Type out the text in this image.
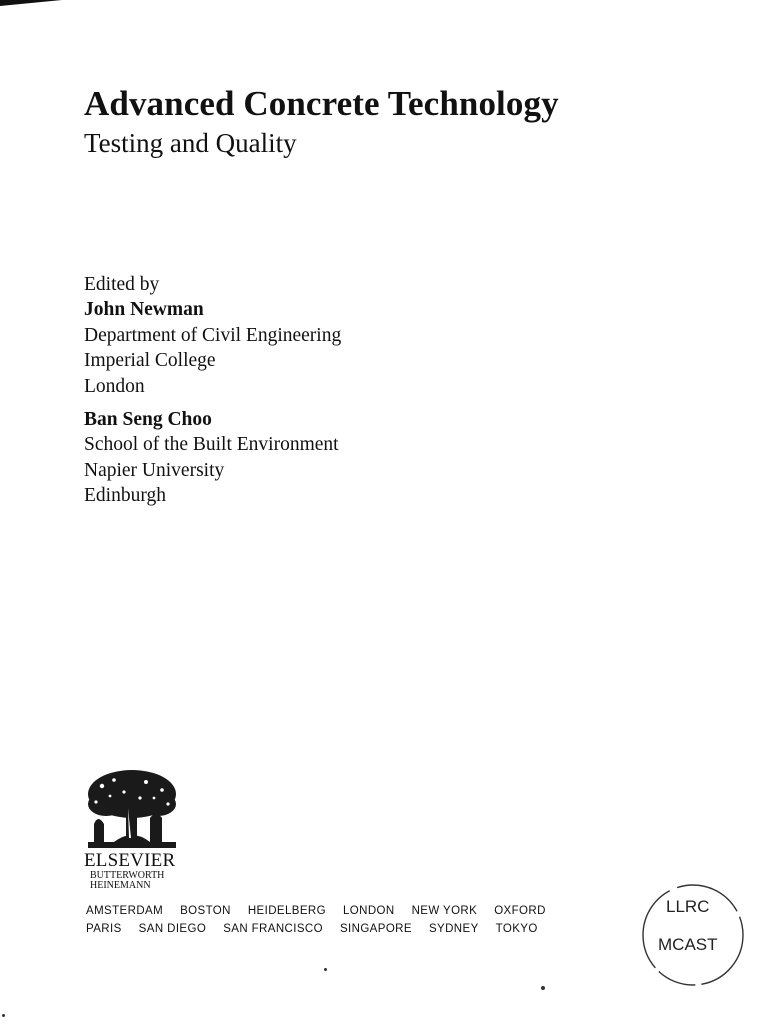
Advanced Concrete Technology
Testing and Quality
Edited by
John Newman
Department of Civil Engineering
Imperial College
London
Ban Seng Choo
School of the Built Environment
Napier University
Edinburgh
ELSEVIER
BUTTERWORTH
HEINEMANN
AMSTERDAM BOSTON HEIDELBERG LONDON NEW YORK OXFORD
PARIS SAN DIEGO SAN FRANCISCO SINGAPORE SYDNEY TOKYO
LLRC
MCAST
